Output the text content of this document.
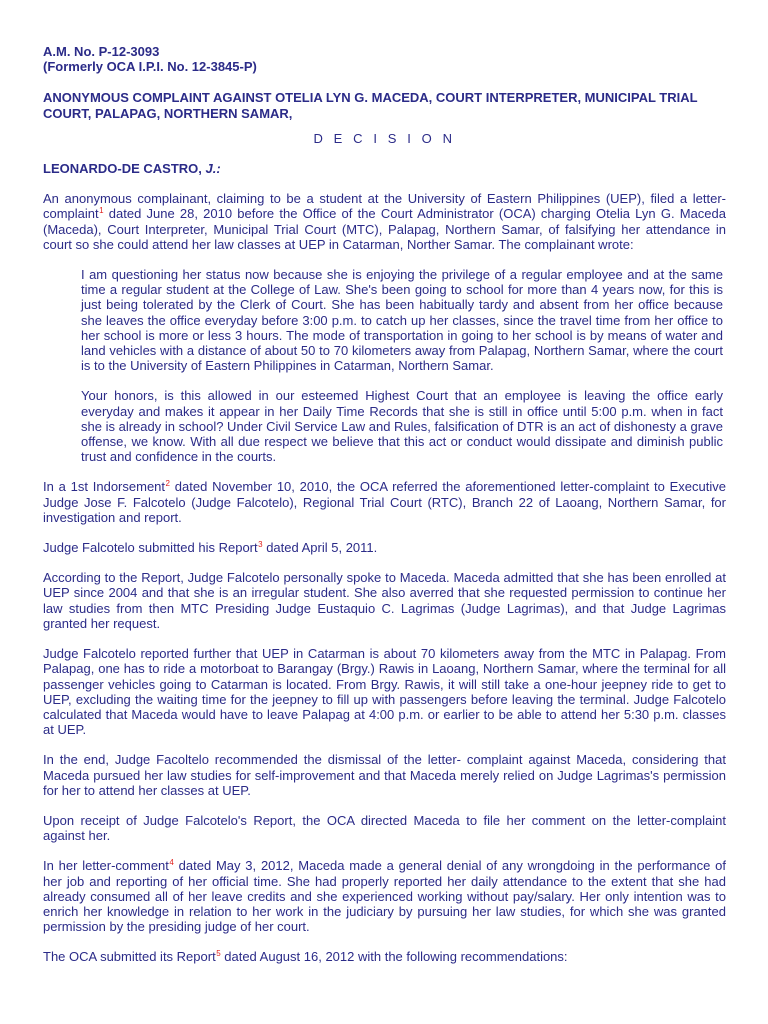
A.M. No. P-12-3093
(Formerly OCA I.P.I. No. 12-3845-P)
ANONYMOUS COMPLAINT AGAINST OTELIA LYN G. MACEDA, COURT INTERPRETER, MUNICIPAL TRIAL COURT, PALAPAG, NORTHERN SAMAR,
D E C I S I O N
LEONARDO-DE CASTRO, J.:

An anonymous complainant, claiming to be a student at the University of Eastern Philippines (UEP), filed a letter-complaint$^1$ dated June 28, 2010 before the Office of the Court Administrator (OCA) charging Otelia Lyn G. Maceda (Maceda), Court Interpreter, Municipal Trial Court (MTC), Palapag, Northern Samar, of falsifying her attendance in court so she could attend her law classes at UEP in Catarman, Norther Samar. The complainant wrote:

I am questioning her status now because she is enjoying the privilege of a regular employee and at the same time a regular student at the College of Law. She's been going to school for more than 4 years now, for this is just being tolerated by the Clerk of Court. She has been habitually tardy and absent from her office because she leaves the office everyday before 3:00 p.m. to catch up her classes, since the travel time from her office to her school is more or less 3 hours. The mode of transportation in going to her school is by means of water and land vehicles with a distance of about 50 to 70 kilometers away from Palapag, Northern Samar, where the court is to the University of Eastern Philippines in Catarman, Northern Samar.

Your honors, is this allowed in our esteemed Highest Court that an employee is leaving the office early everyday and makes it appear in her Daily Time Records that she is still in office until 5:00 p.m. when in fact she is already in school? Under Civil Service Law and Rules, falsification of DTR is an act of dishonesty a grave offense, we know. With all due respect we believe that this act or conduct would dissipate and diminish public trust and confidence in the courts.

In a 1st Indorsement$^2$ dated November 10, 2010, the OCA referred the aforementioned letter-complaint to Executive Judge Jose F. Falcotelo (Judge Falcotelo), Regional Trial Court (RTC), Branch 22 of Laoang, Northern Samar, for investigation and report.

Judge Falcotelo submitted his Report$^3$ dated April 5, 2011.

According to the Report, Judge Falcotelo personally spoke to Maceda. Maceda admitted that she has been enrolled at UEP since 2004 and that she is an irregular student. She also averred that she requested permission to continue her law studies from then MTC Presiding Judge Eustaquio C. Lagrimas (Judge Lagrimas), and that Judge Lagrimas granted her request.

Judge Falcotelo reported further that UEP in Catarman is about 70 kilometers away from the MTC in Palapag. From Palapag, one has to ride a motorboat to Barangay (Brgy.) Rawis in Laoang, Northern Samar, where the terminal for all passenger vehicles going to Catarman is located. From Brgy. Rawis, it will still take a one-hour jeepney ride to get to UEP, excluding the waiting time for the jeepney to fill up with passengers before leaving the terminal. Judge Falcotelo calculated that Maceda would have to leave Palapag at 4:00 p.m. or earlier to be able to attend her 5:30 p.m. classes at UEP.

In the end, Judge Facoltelo recommended the dismissal of the letter- complaint against Maceda, considering that Maceda pursued her law studies for self-improvement and that Maceda merely relied on Judge Lagrimas's permission for her to attend her classes at UEP.

Upon receipt of Judge Falcotelo's Report, the OCA directed Maceda to file her comment on the letter-complaint against her.

In her letter-comment$^4$ dated May 3, 2012, Maceda made a general denial of any wrongdoing in the performance of her job and reporting of her official time. She had properly reported her daily attendance to the extent that she had already consumed all of her leave credits and she experienced working without pay/salary. Her only intention was to enrich her knowledge in relation to her work in the judiciary by pursuing her law studies, for which she was granted permission by the presiding judge of her court.

The OCA submitted its Report$^5$ dated August 16, 2012 with the following recommendations:
